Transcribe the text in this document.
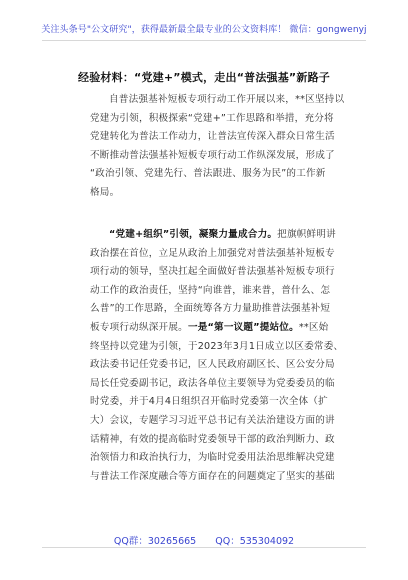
关注头条号"公文研究"，获得最新最全最专业的公文资料库！ 微信：gongwenyj
经验材料：“党建+”模式，走出“普法强基”新路子
自普法强基补短板专项行动工作开展以来，**区坚持以
党建为引领，积极探索“党建+”工作思路和举措，充分将
党建转化为普法工作动力，让普法宣传深入群众日常生活
不断推动普法强基补短板专项行动工作纵深发展，形成了
“政治引领、党建先行、普法跟进、服务为民”的工作新
格局。
“党建+组织”引领，凝聚力量成合力。把旗帜鲜明讲
政治摆在首位，立足从政治上加强党对普法强基补短板专
项行动的领导，坚决扛起全面做好普法强基补短板专项行
动工作的政治责任，坚持“向谁普，谁来普，普什么、怎
么普”的工作思路，全面统筹各方力量助推普法强基补短
板专项行动纵深开展。一是“第一议题”提站位。**区始
终坚持以党建为引领，于2023年3月1日成立以区委常委、
政法委书记任党委书记，区人民政府副区长、区公安分局
局长任党委副书记，政法各单位主要领导为党委委员的临
时党委，并于4月4日组织召开临时党委第一次全体（扩
大）会议，专题学习习近平总书记有关法治建设方面的讲
话精神，有效的提高临时党委领导干部的政治判断力、政
治领悟力和政治执行力，为临时党委用法治思维解决党建
与普法工作深度融合等方面存在的问题奠定了坚实的基础
QQ群：30265665 QQ：535304092
